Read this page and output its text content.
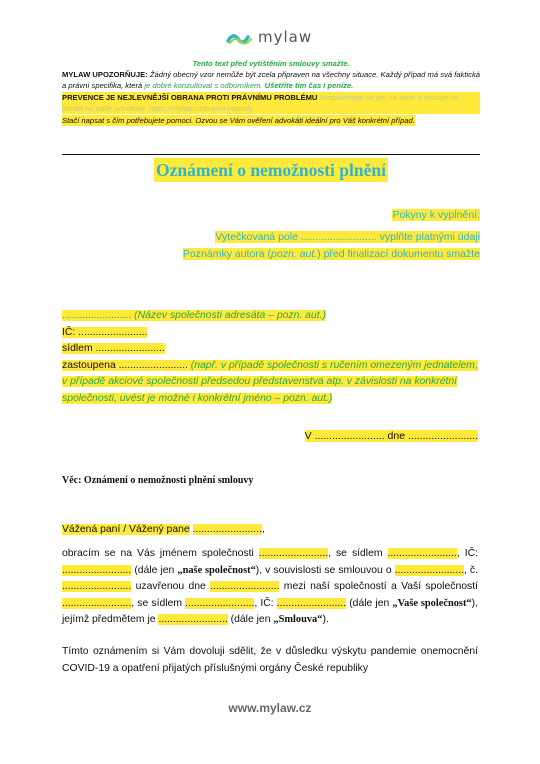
mylaw

Tento text před vytištěním smlouvy smažte.

MYLAW UPOZORŇUJE: Žádný obecný vzor nemůže být zcela připraven na všechny situace. Každý případ má svá faktická a právní specifika, která je dobré konzultovat s odborníkem. Ušetříte tím čas i peníze.

PREVENCE JE NEJLEVNĚJŠÍ OBRANA PROTI PRÁVNÍMU PROBLÉMU Nespoléhejte se jen na sebe a nebojte se obrátit na naše advokáty: https://mylaw.cz/pravni-pripady

Stačí napsat s čím potřebujete pomoci. Ozvou se Vám ověření advokáti ideální pro Váš konkrétní případ.

Oznámení o nemožnosti plnění
Pokyny k vyplnění:
Vytečkovaná pole .......................... vyplňte platnými údaji
Poznámky autora (pozn. aut.) před finalizací dokumentu smažte

........................ (Název společnosti adresáta – pozn. aut.)

IČ: ........................

sídlem ........................

zastoupena ........................ (např. v případě společnosti s ručením omezeným jednatelem, v případě akciové společnosti předsedou představenstva atp. v závislosti na konkrétní společnosti, uvést je možné i konkrétní jméno – pozn. aut.)

V ........................ dne ........................
Věc: Oznámení o nemožnosti plnění smlouvy
Vážená paní / Vážený pane ........................,
obracím se na Vás jménem společnosti ........................, se sídlem ........................, IČ: ........................ (dále jen „naše společnost“), v souvislosti se smlouvou o ........................, č. ........................ uzavřenou dne ........................ mezi naší společností a Vaší společností ........................, se sídlem ........................, IČ: ........................ (dále jen „Vaše společnost“), jejímž předmětem je ........................ (dále jen „Smlouva“).
Tímto oznámením si Vám dovoluji sdělit, že v důsledku výskytu pandemie onemocnění COVID-19 a opatření přijatých příslušnými orgány České republiky
www.mylaw.cz
